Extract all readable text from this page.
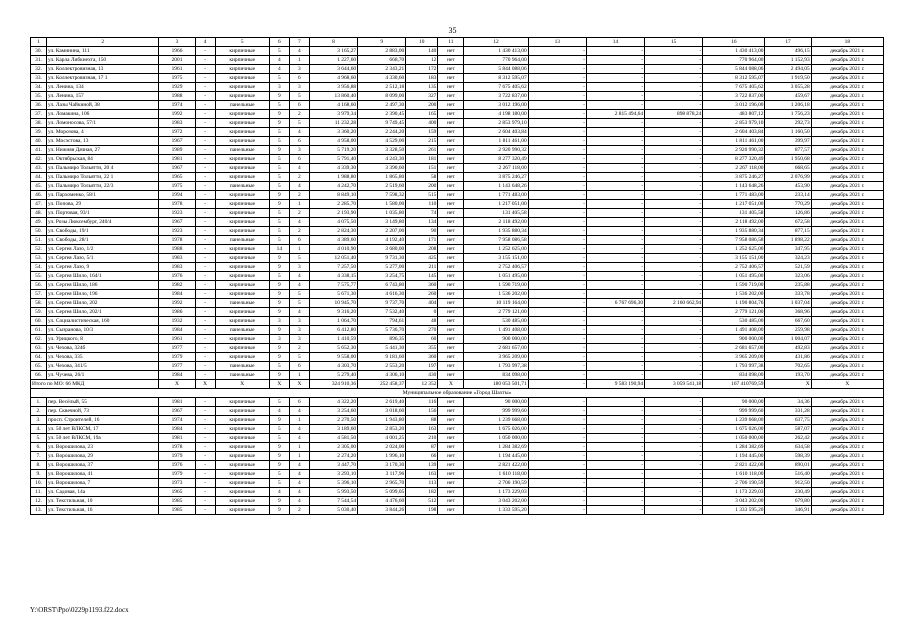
35
1	2	3	4	5	6	7	8	9	10	11	12	13	14	15	16	17	18
30.	ул. Каминина, 111	1966	-	кирпичные	5	4	3 165,27	2 883,00	140	нет	1 430 413,00	-	-	-	1 430 413,00	496,15	декабрь 2021 г.
31.	ул. Карла Либкнехта, 150	2001	-	кирпичные	4	1	1 227,60	668,70	12	нет	770 964,00	-	-	-	770 964,00	1 152,93	декабрь 2021 г.
32.	ул. Коллектровизная, 13	1961	-	кирпичные	4	3	3 644,60	2 343,21	172	нет	5 844 088,06	-	-	-	5 844 088,06	2 494,05	декабрь 2021 г.
33.	ул. Коллектровизная, 17 1	1975	-	кирпичные	5	6	4 968,60	4 330,60	183	нет	8 312 595,07	-	-	-	8 312 595,07	1 919,50	декабрь 2021 г.
34.	ул. Ленина, 134	1929	-	кирпичные	3	3	3 956,88	2 512,18	135	нет	7 675 405,62	-	-	-	7 675 405,62	3 055,28	декабрь 2021 г.
35.	ул. Ленина, 157	1988	-	кирпичные	9	5	13 860,40	8 099,00	327	нет	3 722 837,00	-	-	-	3 722 837,00	459,67	декабрь 2021 г.
36.	ул. Лазы Чайкиной, 38	1974	-	панельные	5	6	4 168,60	2 497,30	200	нет	3 012 196,00	-	-	-	3 012 196,00	1 206,18	декабрь 2021 г.
37.	ул. Ломакина, 106	1992	-	кирпичные	9	2	3 979,34	2 390,45	165	нет	4 198 180,00	-	2 815 494,64	898 878,24	483 807,12	1 756,23	декабрь 2021 г.
38.	ул. Ломоносова, 57/1	1983	-	кирпичные	9	5	11 232,28	9 749,45	400	нет	2 853 979,10	-	-	-	2 853 979,10	292,73	декабрь 2021 г.
39.	ул. Морозова, 4	1972	-	кирпичные	5	4	3 360,20	2 244,20	159	нет	2 604 403,84	-	-	-	2 604 403,84	1 160,50	декабрь 2021 г.
40.	ул. Мосэстова, 13	1967	-	кирпичные	5	6	4 958,00	4 529,00	215	нет	1 811 461,00	-	-	-	1 811 461,00	399,97	декабрь 2021 г.
41.	ул. Нижняя Дачная, 27	1989	-	панельные	9	3	5 719,20	3 328,50	261	нет	2 920 990,32	-	-	-	2 920 990,32	877,57	декабрь 2021 г.
42.	ул. Октябрьская, 84	1981	-	кирпичные	5	6	5 791,40	4 243,30	181	нет	8 277 320,49	-	-	-	8 277 320,49	1 950,68	декабрь 2021 г.
43.	ул. Пальмиро Тольятти, 20 4	1967	-	кирпичные	5	4	4 339,30	3 390,60	151	нет	2 267 118,00	-	-	-	2 267 118,00	668,65	декабрь 2021 г.
44.	ул. Пальмиро Тольятти, 22 1	1965	-	кирпичные	5	2	1 988,80	1 865,80	58	нет	3 875 246,27	-	-	-	3 875 246,27	2 076,99	декабрь 2021 г.
45.	ул. Пальмиро Тольятти, 22/3	1975	-	панельные	5	4	4 242,70	2 519,60	200	нет	1 143 648,26	-	-	-	1 143 648,26	453,90	декабрь 2021 г.
46.	ул. Пархоменко, 58/1	1994	-	кирпичные	9	2	8 849,10	7 598,32	515	нет	1 771 483,00	-	-	-	1 771 483,00	233,14	декабрь 2021 г.
47.	ул. Попова, 29	1978	-	кирпичные	9	1	2 285,70	1 580,00	110	нет	1 217 051,00	-	-	-	1 217 051,00	770,29	декабрь 2021 г.
48.	ул. Портовая, 93/1	1923	-	кирпичные	5	2	2 193,90	1 035,80	74	нет	131 405,58	-	-	-	131 405,58	126,86	декабрь 2021 г.
49.	ул. Розы Люксембург, 240/4	1967	-	кирпичные	5	4	4 075,50	3 149,80	134	нет	2 118 492,00	-	-	-	2 118 492,00	672,58	декабрь 2021 г.
50.	ул. Свободы, 19/1	1923	-	кирпичные	5	2	2 824,30	2 207,00	90	нет	1 935 880,34	-	-	-	1 935 880,34	877,15	декабрь 2021 г.
51.	ул. Свободы, 28/1	1978	-	панельные	5	6	4 389,60	4 192,40	171	нет	7 958 086,58	-	-	-	7 958 086,58	1 898,22	декабрь 2021 г.
52.	ул. Сергея Лазо, 1/2	1988	-	кирпичные	14	1	4 010,90	3 680,00	208	нет	1 252 625,00	-	-	-	1 252 625,00	347,95	декабрь 2021 г.
53.	ул. Сергея Лазо, 5/1	1983	-	кирпичные	9	5	12 051,40	9 731,30	425	нет	3 155 151,00	-	-	-	3 155 151,00	324,23	декабрь 2021 г.
54.	ул. Сергея Лазо, 9	1983	-	кирпичные	9	3	7 257,50	5 277,00	211	нет	2 752 406,57	-	-	-	2 752 406,57	521,59	декабрь 2021 г.
55.	ул. Сергея Шило, 164/1	1976	-	кирпичные	5	4	4 338,15	3 254,75	145	нет	1 051 495,00	-	-	-	1 051 495,00	323,06	декабрь 2021 г.
56.	ул. Сергея Шило, 186	1982	-	кирпичные	9	4	7 575,77	6 743,80	360	нет	1 590 719,00	-	-	-	1 590 719,00	235,88	декабрь 2021 г.
57.	ул. Сергея Шило, 196	1984	-	кирпичные	9	5	5 671,30	4 616,30	260	нет	1 536 202,00	-	-	-	1 536 202,00	333,78	декабрь 2021 г.
58.	ул. Сергея Шило, 202	1992	-	панельные	9	5	10 945,70	9 737,70	404	нет	10 119 164,00	-	6 767 696,30	2 160 662,94	1 190 804,76	1 037,04	декабрь 2021 г.
59.	ул. Сергея Шило, 202/1	1986	-	кирпичные	9	4	9 316,20	7 532,40	0	нет	2 779 121,00	-	-	-	2 779 121,00	368,96	декабрь 2021 г.
60.	ул. Социалистическая, 160	1932	-	кирпичные	3	3	1 064,70	794,61	48	нет	530 485,00	-	-	-	530 485,00	667,60	декабрь 2021 г.
61.	ул. Сызранова, 10/3	1984	-	панельные	9	3	6 412,80	5 736,70	270	нет	1 491 408,00	-	-	-	1 491 408,00	259,98	декабрь 2021 г.
62.	ул. Урицкого, 8	1961	-	кирпичные	3	3	1 410,59	896,35	60	нет	900 000,00	-	-	-	900 000,00	1 004,07	декабрь 2021 г.
63.	ул. Чехова, 324б	1977	-	кирпичные	9	2	5 652,30	5 441,30	355	нет	2 681 657,00	-	-	-	2 681 657,00	492,83	декабрь 2021 г.
64.	ул. Чехова, 335	1979	-	кирпичные	9	5	9 558,00	9 181,60	360	нет	3 965 209,00	-	-	-	3 965 209,00	431,86	декабрь 2021 г.
65.	ул. Чехова, 341/5	1977	-	панельные	5	6	4 303,70	2 553,20	197	нет	1 793 997,38	-	-	-	1 793 997,38	702,65	декабрь 2021 г.
66.	ул. Чучева, 26/1	1984	-	панельные	9	1	5 279,40	4 306,10	430	нет	834 098,00	-	-	-	834 098,00	193,70	декабрь 2021 г.
Итого по МО: 66 МКД		X	X	X	X	X	324 910,36	252 458,37	12 352	X	180 053 501,71	-	9 583 190,94	3 059 541,18	167 410769,59	X	X
Муниципальное образование «Город Шахты»																	
1.	пер. Весёлый, 55	1981	-	кирпичные	5	6	4 322,20	2 619,40	116	нет	90 000,00	-	-	-	90 000,00	34,36	декабрь 2021 г.
2.	пер. Сквечной, 73	1967	-	кирпичные	4	4	3 254,60	3 018,60	156	нет	999 999,60	-	-	-	999 999,60	331,28	декабрь 2021 г.
3.	просп. Строителей, 16	1974	-	кирпичные	9	1	2 270,50	1 943,80	88	нет	1 239 668,00	-	-	-	1 239 668,00	637,75	декабрь 2021 г.
4.	ул. 50 лет ВЛКСМ, 17	1984	-	кирпичные	5	4	3 189,60	2 853,20	163	нет	1 675 026,00	-	-	-	1 675 026,00	587,07	декабрь 2021 г.
5.	ул. 50 лет ВЛКСМ, 19а	1981	-	кирпичные	5	4	4 581,50	4 001,25	210	нет	1 050 000,00	-	-	-	1 050 000,00	262,42	декабрь 2021 г.
6.	ул. Ворошилова, 23	1978	-	кирпичные	9	1	2 305,00	2 024,00	87	нет	1 284 382,69	-	-	-	1 284 382,69	634,58	декабрь 2021 г.
7.	ул. Ворошилова, 29	1979	-	кирпичные	9	1	2 274,20	1 996,10	66	нет	1 194 445,00	-	-	-	1 194 445,00	598,39	декабрь 2021 г.
8.	ул. Ворошилова, 37	1976	-	кирпичные	9	4	3 447,70	3 170,30	139	нет	2 821 422,00	-	-	-	2 821 422,00	890,01	декабрь 2021 г.
9.	ул. Ворошилова, 41	1979	-	кирпичные	5	4	3 293,10	3 117,96	163	нет	1 610 118,00	-	-	-	1 610 118,00	516,40	декабрь 2021 г.
10.	ул. Ворошилова, 7	1973	-	кирпичные	5	4	5 396,10	2 965,70	113	нет	2 706 190,59	-	-	-	2 706 190,59	912,50	декабрь 2021 г.
11.	ул. Садовая, 14а	1965	-	кирпичные	4	4	5 993,50	5 099,05	182	нет	1 173 229,03	-	-	-	1 173 229,03	230,49	декабрь 2021 г.
12.	ул. Текстильная, 10	1985	-	кирпичные	9	4	7 544,54	4 476,60	512	нет	3 043 202,00	-	-	-	3 043 202,00	679,80	декабрь 2021 г.
13.	ул. Текстильная, 16	1985	-	кирпичные	9	2	5 030,40	3 844,26	198	нет	1 333 595,20	-	-	-	1 333 595,20	346,91	декабрь 2021 г.
Y:\ORST\Ppo\0229p1193.f22.docx
